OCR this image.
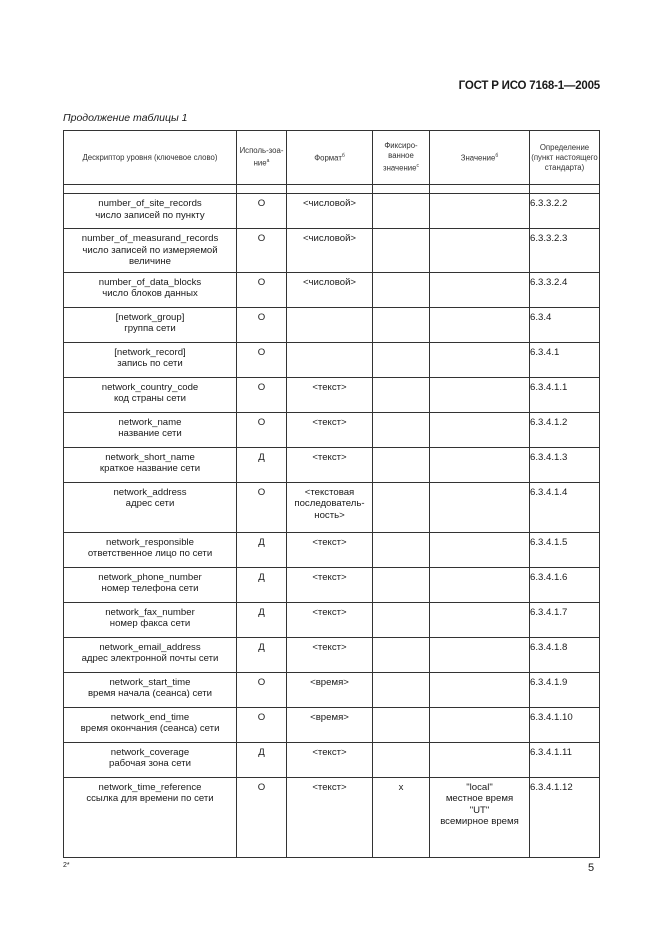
ГОСТ Р ИСО 7168-1—2005
Продолжение таблицы 1
Дескриптор уровня (ключевое слово)	Исполь-зоа-ние$^а$	Формат$^б$	Фиксиро-ванное значение$^с$	Значение$^б$	Определение (пункт настоящего стандарта)

number_of_site_records
число записей по пункту	О	<числовой>			6.3.3.2.2

number_of_measurand_records
число записей по измеряемой величине	О	<числовой>			6.3.3.2.3

number_of_data_blocks
число блоков данных	О	<числовой>			6.3.3.2.4

[network_group]
группа сети	О				6.3.4

[network_record]
запись по сети	О				6.3.4.1

network_country_code
код страны сети	О	<текст>			6.3.4.1.1

network_name
название сети	О	<текст>			6.3.4.1.2

network_short_name
краткое название сети	Д	<текст>			6.3.4.1.3

network_address
адрес сети	О	<текстовая последователь-ность>			6.3.4.1.4

network_responsible
ответственное лицо по сети	Д	<текст>			6.3.4.1.5

network_phone_number
номер телефона сети	Д	<текст>			6.3.4.1.6

network_fax_number
номер факса сети	Д	<текст>			6.3.4.1.7

network_email_address
адрес электронной почты сети	Д	<текст>			6.3.4.1.8

network_start_time
время начала (сеанса) сети	О	<время>			6.3.4.1.9

network_end_time
время окончания (сеанса) сети	О	<время>			6.3.4.1.10

network_coverage
рабочая зона сети	Д	<текст>			6.3.4.1.11

network_time_reference
ссылка для времени по сети	О	<текст>	x	"local"
местное время
"UT"
всемирное время	6.3.4.1.12
2*	5
